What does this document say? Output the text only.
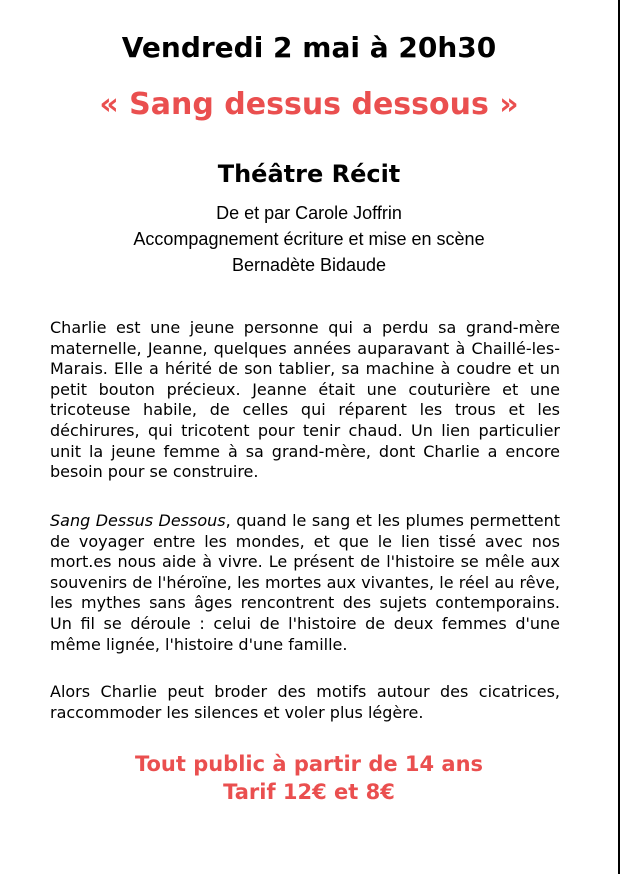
Vendredi 2 mai à 20h30
« Sang dessus dessous »
Théâtre Récit
De et par Carole Joffrin
Accompagnement écriture et mise en scène
Bernadète Bidaude
Charlie est une jeune personne qui a perdu sa grand-mère maternelle, Jeanne, quelques années auparavant à Chaillé-les-Marais. Elle a hérité de son tablier, sa machine à coudre et un petit bouton précieux. Jeanne était une couturière et une tricoteuse habile, de celles qui réparent les trous et les déchirures, qui tricotent pour tenir chaud. Un lien particulier unit la jeune femme à sa grand-mère, dont Charlie a encore besoin pour se construire.
Sang Dessus Dessous, quand le sang et les plumes permettent de voyager entre les mondes, et que le lien tissé avec nos mort.es nous aide à vivre. Le présent de l'histoire se mêle aux souvenirs de l'héroïne, les mortes aux vivantes, le réel au rêve, les mythes sans âges rencontrent des sujets contemporains. Un fil se déroule : celui de l'histoire de deux femmes d'une même lignée, l'histoire d'une famille.
Alors Charlie peut broder des motifs autour des cicatrices, raccommoder les silences et voler plus légère.
Tout public à partir de 14 ans
Tarif 12€ et 8€
